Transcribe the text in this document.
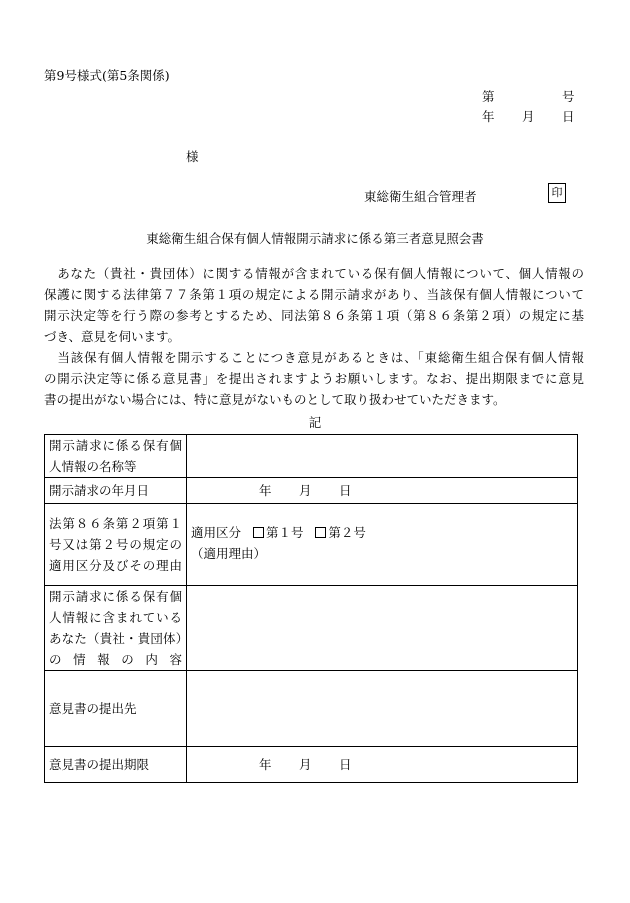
第9号様式(第5条関係)
第	号
年 月 日
様
東総衛生組合管理者	印
東総衛生組合保有個人情報開示請求に係る第三者意見照会書
　あなた（貴社・貴団体）に関する情報が含まれている保有個人情報について、個人情報の
保護に関する法律第７７条第１項の規定による開示請求があり、当該保有個人情報について
開示決定等を行う際の参考とするため、同法第８６条第１項（第８６条第２項）の規定に基
づき、意見を伺います。
　当該保有個人情報を開示することにつき意見があるときは、「東総衛生組合保有個人情報
の開示決定等に係る意見書」を提出されますようお願いします。なお、提出期限までに意見
書の提出がない場合には、特に意見がないものとして取り扱わせていただきます。
記
開示請求に係る保有個人情報の名称等	
開示請求の年月日	年 月 日

法第８６条第２項第１号又は第２号の規定の適用区分及びその理由	適用区分 第１号 第２号
（適用理由）

開示請求に係る保有個人情報に含まれているあなた（貴社・貴団体）の情報の内容	
意見書の提出先	
意見書の提出期限	年 月 日
